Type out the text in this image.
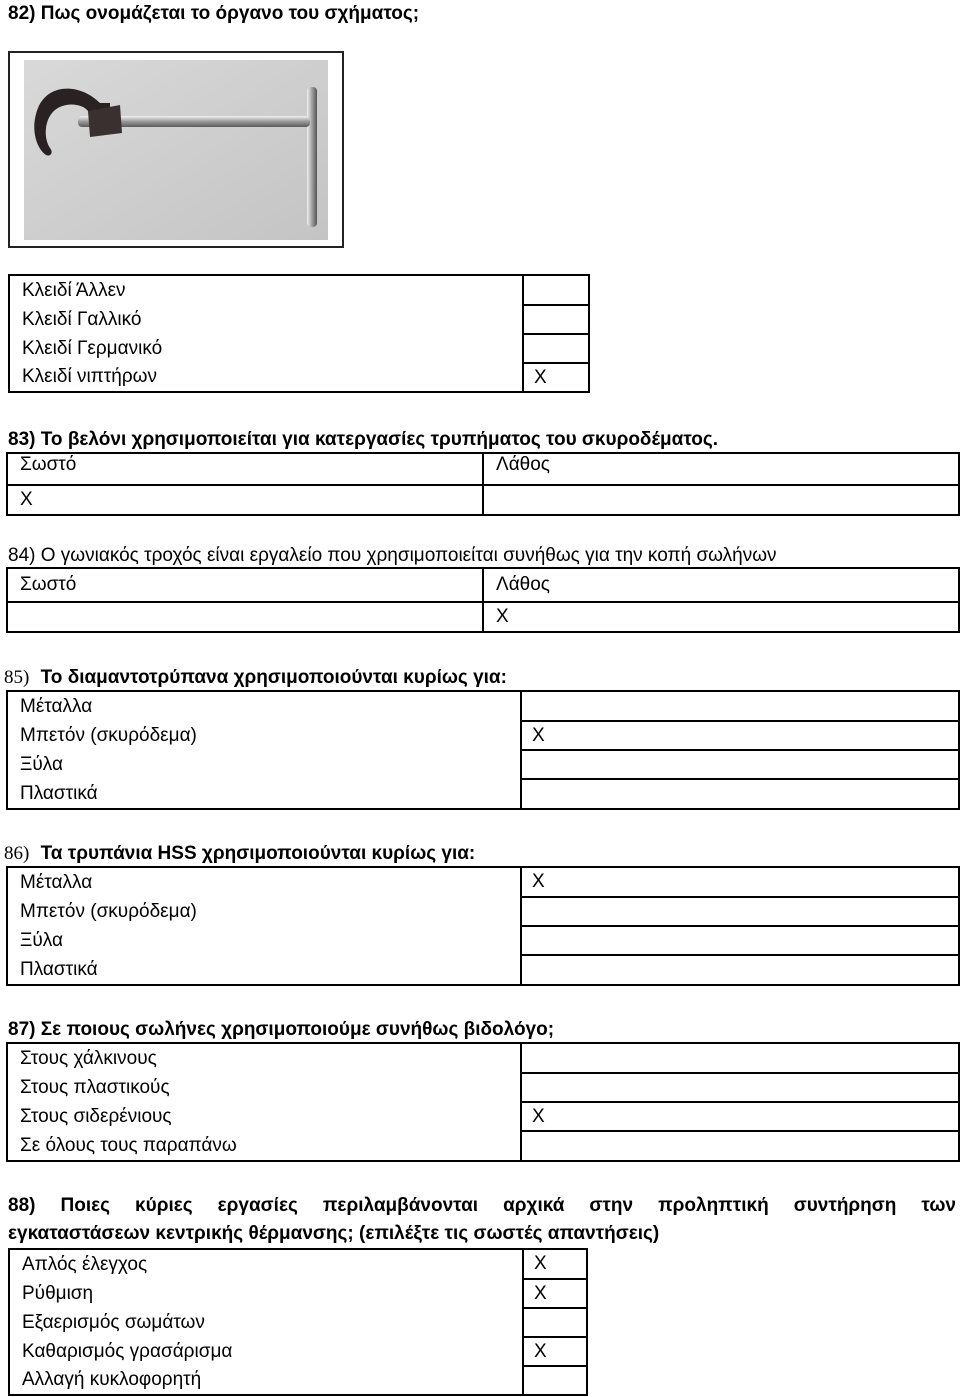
82) Πως ονομάζεται το όργανο του σχήματος;
Κλειδί Άλλεν	
Κλειδί Γαλλικό	
Κλειδί Γερμανικό	
Κλειδί νιπτήρων	X
83) Το βελόνι χρησιμοποιείται για κατεργασίες τρυπήματος του σκυροδέματος.
Σωστό	Λάθος
X	
84) Ο γωνιακός τροχός είναι εργαλείο που χρησιμοποιείται συνήθως για την κοπή σωλήνων
Σωστό	Λάθος
	X
85) Το διαμαντοτρύπανα χρησιμοποιούνται κυρίως για:
Μέταλλα	
Μπετόν (σκυρόδεμα)	X
Ξύλα	
Πλαστικά	
86) Τα τρυπάνια HSS χρησιμοποιούνται κυρίως για:
Μέταλλα	X
Μπετόν (σκυρόδεμα)	
Ξύλα	
Πλαστικά	
87) Σε ποιους σωλήνες χρησιμοποιούμε συνήθως βιδολόγο;
Στους χάλκινους	
Στους πλαστικούς	
Στους σιδερένιους	X
Σε όλους τους παραπάνω	
88) Ποιες κύριες εργασίες περιλαμβάνονται αρχικά στην προληπτική συντήρηση των
εγκαταστάσεων κεντρικής θέρμανσης; (επιλέξτε τις σωστές απαντήσεις)
Απλός έλεγχος	X
Ρύθμιση	X
Εξαερισμός σωμάτων	
Καθαρισμός γρασάρισμα	X
Αλλαγή κυκλοφορητή	
